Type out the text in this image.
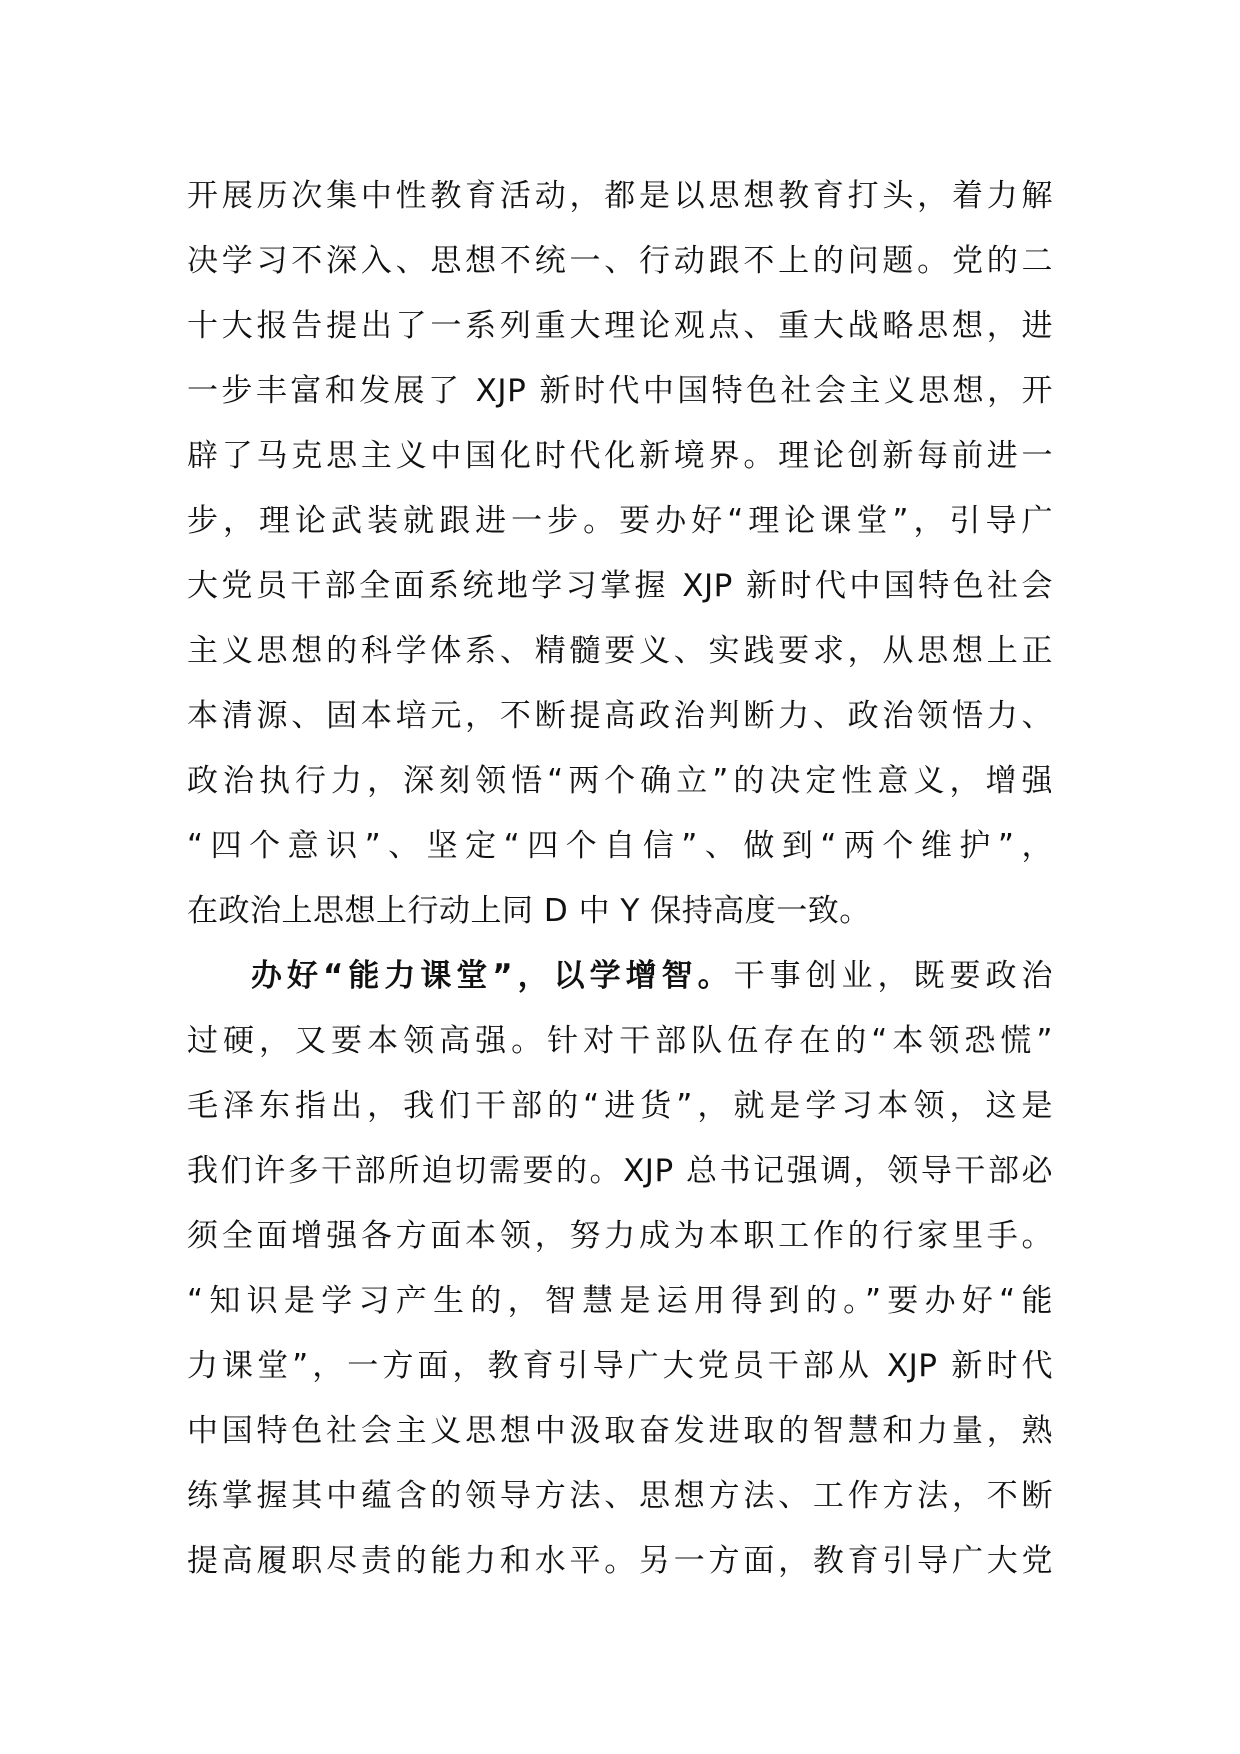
开展历次集中性教育活动，都是以思想教育打头，着力解
决学习不深入、思想不统一、行动跟不上的问题。党的二
十大报告提出了一系列重大理论观点、重大战略思想，进
一步丰富和发展了 XJP 新时代中国特色社会主义思想，开
辟了马克思主义中国化时代化新境界。理论创新每前进一
步，理论武装就跟进一步。要办好“理论课堂”，引导广
大党员干部全面系统地学习掌握 XJP 新时代中国特色社会
主义思想的科学体系、精髓要义、实践要求，从思想上正
本清源、固本培元，不断提高政治判断力、政治领悟力、
政治执行力，深刻领悟“两个确立”的决定性意义，增强
“四个意识”、坚定“四个自信”、做到“两个维护”，
在政治上思想上行动上同 D 中 Y 保持高度一致。
办好“能力课堂”，以学增智。干事创业，既要政治
过硬，又要本领高强。针对干部队伍存在的“本领恐慌”
毛泽东指出，我们干部的“进货”，就是学习本领，这是
我们许多干部所迫切需要的。XJP 总书记强调，领导干部必
须全面增强各方面本领，努力成为本职工作的行家里手。
“知识是学习产生的，智慧是运用得到的。”要办好“能
力课堂”，一方面，教育引导广大党员干部从 XJP 新时代
中国特色社会主义思想中汲取奋发进取的智慧和力量，熟
练掌握其中蕴含的领导方法、思想方法、工作方法，不断
提高履职尽责的能力和水平。另一方面，教育引导广大党
